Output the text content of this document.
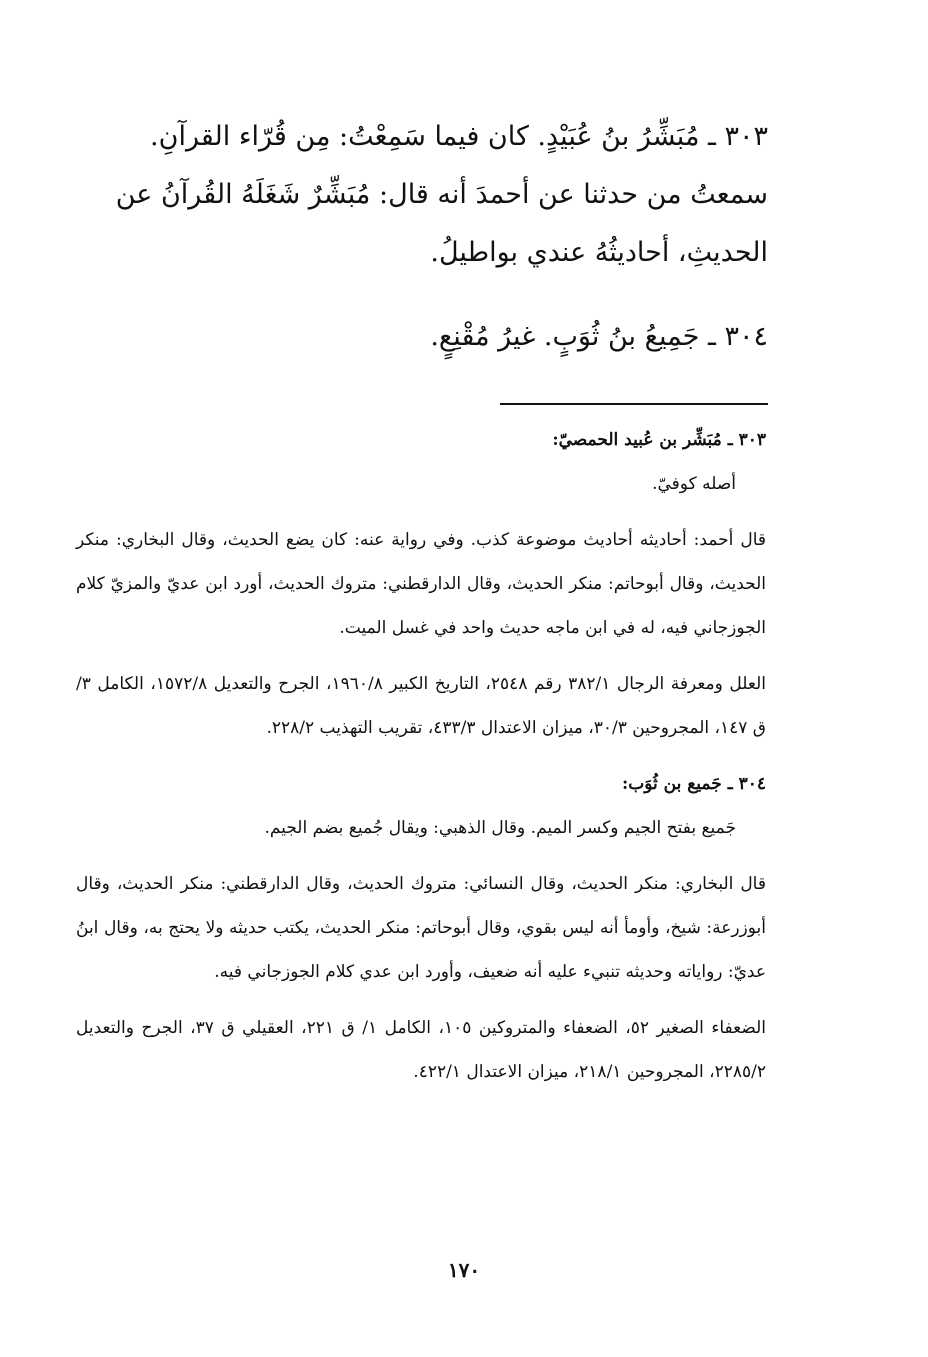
٣٠٣ ـ مُبَشِّرُ بنُ عُبَيْدٍ. كان فيما سَمِعْتُ: مِن قُرّاء القرآنِ.
سمعتُ من حدثنا عن أحمدَ أنه قال: مُبَشِّرٌ شَغَلَهُ القُرآنُ عن
الحديثِ، أحاديثُهُ عندي بواطيلُ.
٣٠٤ ـ جَمِيعُ بنُ ثُوَبٍ. غيرُ مُقْنِعٍ.

٣٠٣ ـ مُبَشِّر بن عُبيد الحمصيّ:

أصله كوفيّ.

قال أحمد: أحاديثه أحاديث موضوعة كذب. وفي رواية عنه: كان يضع الحديث، وقال البخاري: منكر الحديث، وقال أبوحاتم: منكر الحديث، وقال الدارقطني: متروك الحديث، أورد ابن عديّ والمزيّ كلام الجوزجاني فيه، له في ابن ماجه حديث واحد في غسل الميت.

العلل ومعرفة الرجال ٣٨٢/١ رقم ٢٥٤٨، التاريخ الكبير ١٩٦٠/٨، الجرح والتعديل ١٥٧٢/٨، الكامل ٣/ ق ١٤٧، المجروحين ٣٠/٣، ميزان الاعتدال ٤٣٣/٣، تقريب التهذيب ٢٢٨/٢.

٣٠٤ ـ جَميع بن ثُوَب:

جَميع بفتح الجيم وكسر الميم. وقال الذهبي: ويقال جُميع بضم الجيم.

قال البخاري: منكر الحديث، وقال النسائي: متروك الحديث، وقال الدارقطني: منكر الحديث، وقال أبوزرعة: شيخ، وأومأ أنه ليس بقوي، وقال أبوحاتم: منكر الحديث، يكتب حديثه ولا يحتج به، وقال ابنُ عديّ: رواياته وحديثه تنبيء عليه أنه ضعيف، وأورد ابن عدي كلام الجوزجاني فيه.

الضعفاء الصغير ٥٢، الضعفاء والمتروكين ١٠٥، الكامل ١/ ق ٢٢١، العقيلي ق ٣٧، الجرح والتعديل ٢٢٨٥/٢، المجروحين ٢١٨/١، ميزان الاعتدال ٤٢٢/١.

١٧٠
